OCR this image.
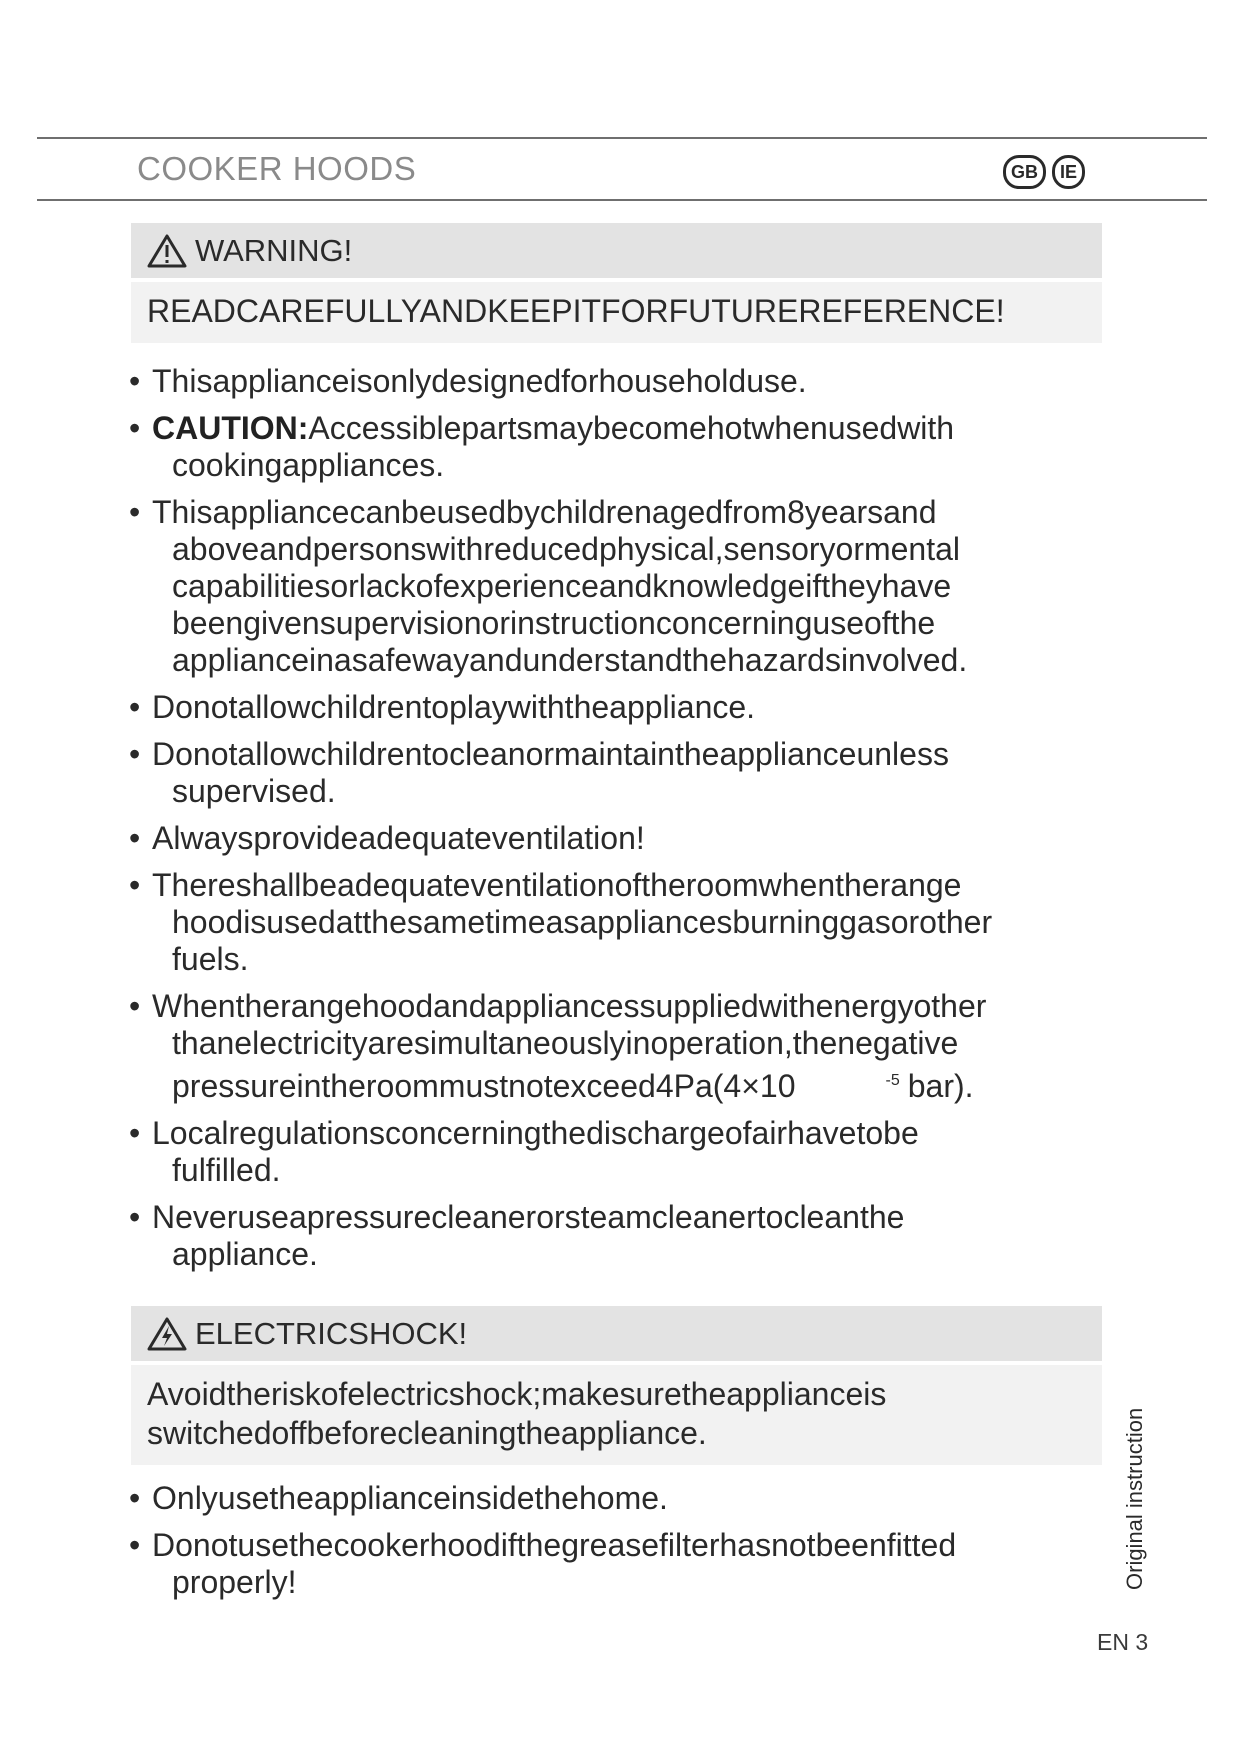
COOKER HOODS	GB	IE
WARNING!
READCAREFULLYANDKEEPITFORFUTUREREFERENCE!
• Thisapplianceisonlydesignedforhouseholduse.
• CAUTION:Accessiblepartsmaybecomehotwhenusedwith
cookingappliances.
• Thisappliancecanbeusedbychildrenagedfrom8yearsand
aboveandpersonswithreducedphysical,sensoryormental
capabilitiesorlackofexperienceandknowledgeiftheyhave
beengivensupervisionorinstructionconcerninguseofthe
applianceinasafewayandunderstandthehazardsinvolved.
• Donotallowchildrentoplaywiththeappliance.
• Donotallowchildrentocleanormaintaintheapplianceunless
supervised.
• Alwaysprovideadequateventilation!
• Thereshallbeadequateventilationoftheroomwhentherange
hoodisusedatthesametimeasappliancesburninggasorother
fuels.
• Whentherangehoodandappliancessuppliedwithenergyother
thanelectricityaresimultaneouslyinoperation,thenegative
pressureintheroommustnotexceed4Pa(4×10	$^{-5}$ bar).
• Localregulationsconcerningthedischargeofairhavetobe
fulfilled.
• Neveruseapressurecleanerorsteamcleanertocleanthe
appliance.
ELECTRICSHOCK!
Avoidtheriskofelectricshock;makesuretheapplianceis
switchedoffbeforecleaningtheappliance.
• Onlyusetheapplianceinsidethehome.
• Donotusethecookerhoodifthegreasefilterhasnotbeenfitted
properly!	Original instruction
EN 3
